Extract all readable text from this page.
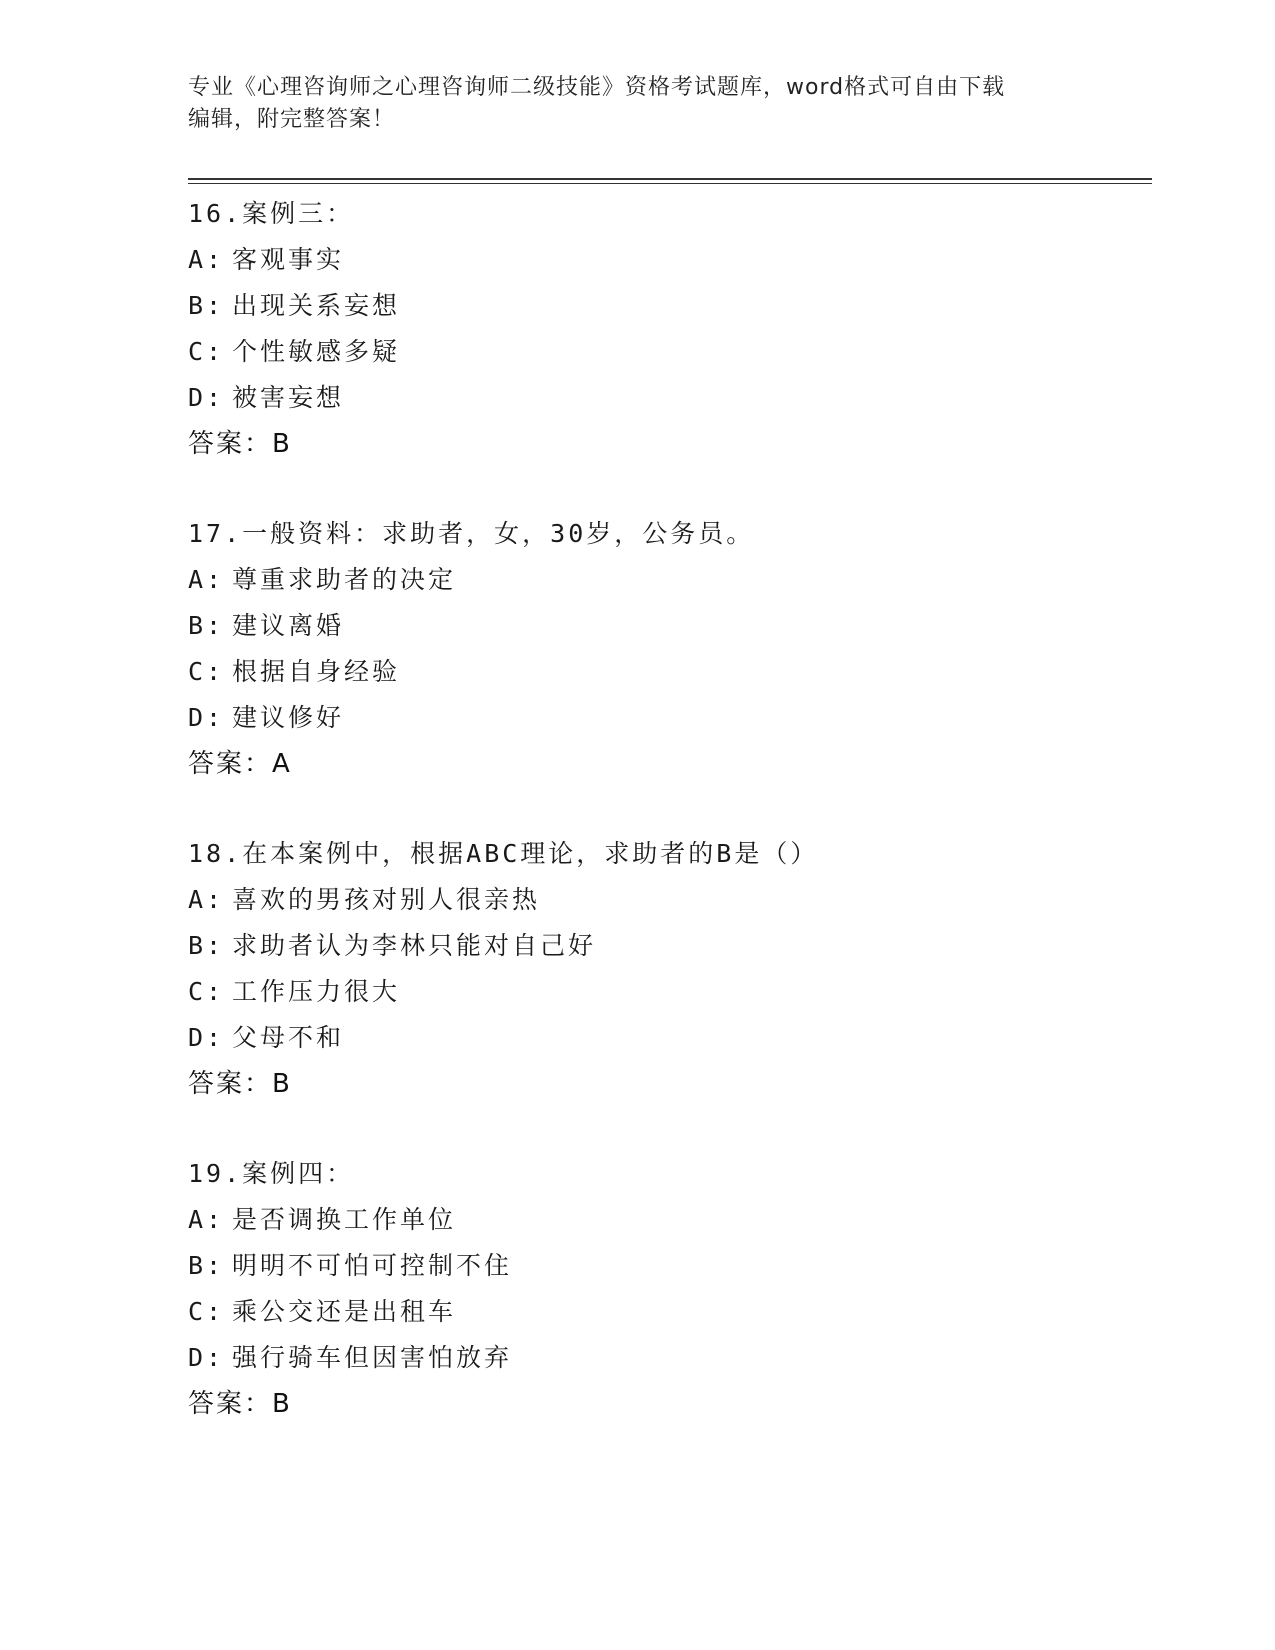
专业《心理咨询师之心理咨询师二级技能》资格考试题库，word格式可自由下载
编辑，附完整答案！
16.案例三：
A: 客观事实
B: 出现关系妄想
C: 个性敏感多疑
D: 被害妄想
答案：B
17.一般资料：求助者，女，30岁，公务员。
A: 尊重求助者的决定
B: 建议离婚
C: 根据自身经验
D: 建议修好
答案：A
18.在本案例中，根据ABC理论，求助者的B是（）
A: 喜欢的男孩对别人很亲热
B: 求助者认为李林只能对自己好
C: 工作压力很大
D: 父母不和
答案：B
19.案例四：
A: 是否调换工作单位
B: 明明不可怕可控制不住
C: 乘公交还是出租车
D: 强行骑车但因害怕放弃
答案：B
